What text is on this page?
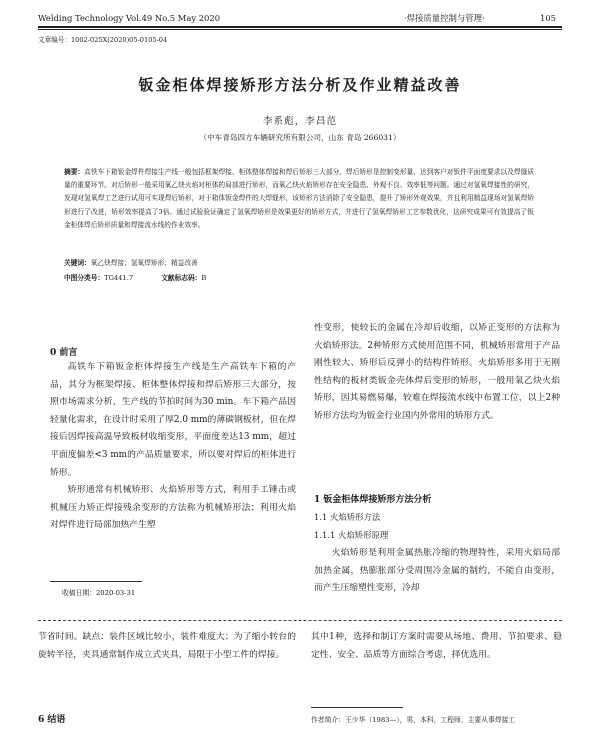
Welding Technology Vol.49 No.5 May 2020	·焊接质量控制与管理·	105
文章编号：1002-025X(2020)05-0105-04
钣金柜体焊接矫形方法分析及作业精益改善
李系彪，李昌范
（中车青岛四方车辆研究所有限公司，山东 青岛 266031）
摘要：高铁车下箱钣金焊件焊接生产线一般包括框架焊接、柜体整体焊接和焊后矫形三大部分，焊后矫形是控制变形量、达到客户对钣件平面度要求以及焊缝质量的重要环节。对后矫形一般采用氧乙炔火焰对柜体的局部进行矫形，而氧乙炔火焰矫形存在安全隐患、外观不良、效率低等问题。通过对氢氧焊接性的研究，发现对氢氧焊工艺进行试用可实现焊后矫形，对于箱体钣金焊件的大焊缝形，该矫形方法消除了安全隐患，提升了矫形外观效果，并且利用精益现场对氢氧焊矫形进行了改进，矫形效率提高了3倍。通过试验验证确定了氢氧焊矫形是效果更好的矫形方式，并进行了氢氧焊矫形工艺参数优化，这研究成果可有效提高了钣金柜体焊后矫形质量和焊接流水线的作业效率。
关键词：氧乙炔焊接；氢氧焊矫形；精益改善
中图分类号：TG441.7	文献标志码：B
0 前言

高铁车下箱钣金柜体焊接生产线是生产高铁车下箱的产品，其分为框架焊接、柜体整体焊接和焊后矫形三大部分，按照市场需求分析，生产线的节拍时间为30 min。车下箱产品因轻量化需求，在设计时采用了厚2.0 mm的薄碳钢板材，但在焊接后因焊接高温导致板材收缩变形，平面度差达13 mm，超过平面度偏差<3 mm的产品质量要求，所以要对焊后的柜体进行矫形。

矫形通常有机械矫形、火焰矫形等方式，利用手工锤击或机械压力矫正焊接残余变形的方法称为机械矫形法；利用火焰对焊件进行局部加热产生塑

收稿日期：2020-03-31

性变形，使较长的金属在冷却后收缩，以矫正变形的方法称为火焰矫形法。2种矫形方式使用范围不同，机械矫形常用于产品刚性较大、矫形后反弹小的结构件矫形。火焰矫形多用于无刚性结构的板材类钣金壳体焊后变形的矫形，一般用氧乙炔火焰矫形，因其易燃易爆，较难在焊接流水线中布置工位，以上2种矫形方法均为钣金行业国内外常用的矫形方式。

1 钣金柜体焊接矫形方法分析
1.1 火焰矫形方法
1.1.1 火焰矫形原理

火焰矫形是利用金属热胀冷缩的物理特性，采用火焰局部加热金属，热膨胀部分受周围冷金属的制约，不能自由变形，而产生压缩塑性变形，冷却

节省时间。缺点：装件区域比较小，装件难度大；为了缩小转台的旋转半径，夹具通常制作成立式夹具，局限于小型工件的焊接。

6 结语

其中1种，选择和制订方案时需要从场地、费用、节拍要求、稳定性、安全、品质等方面综合考虑，择优选用。

作者简介：王少华（1983—），男，本科，工程师，主要从事焊接工
